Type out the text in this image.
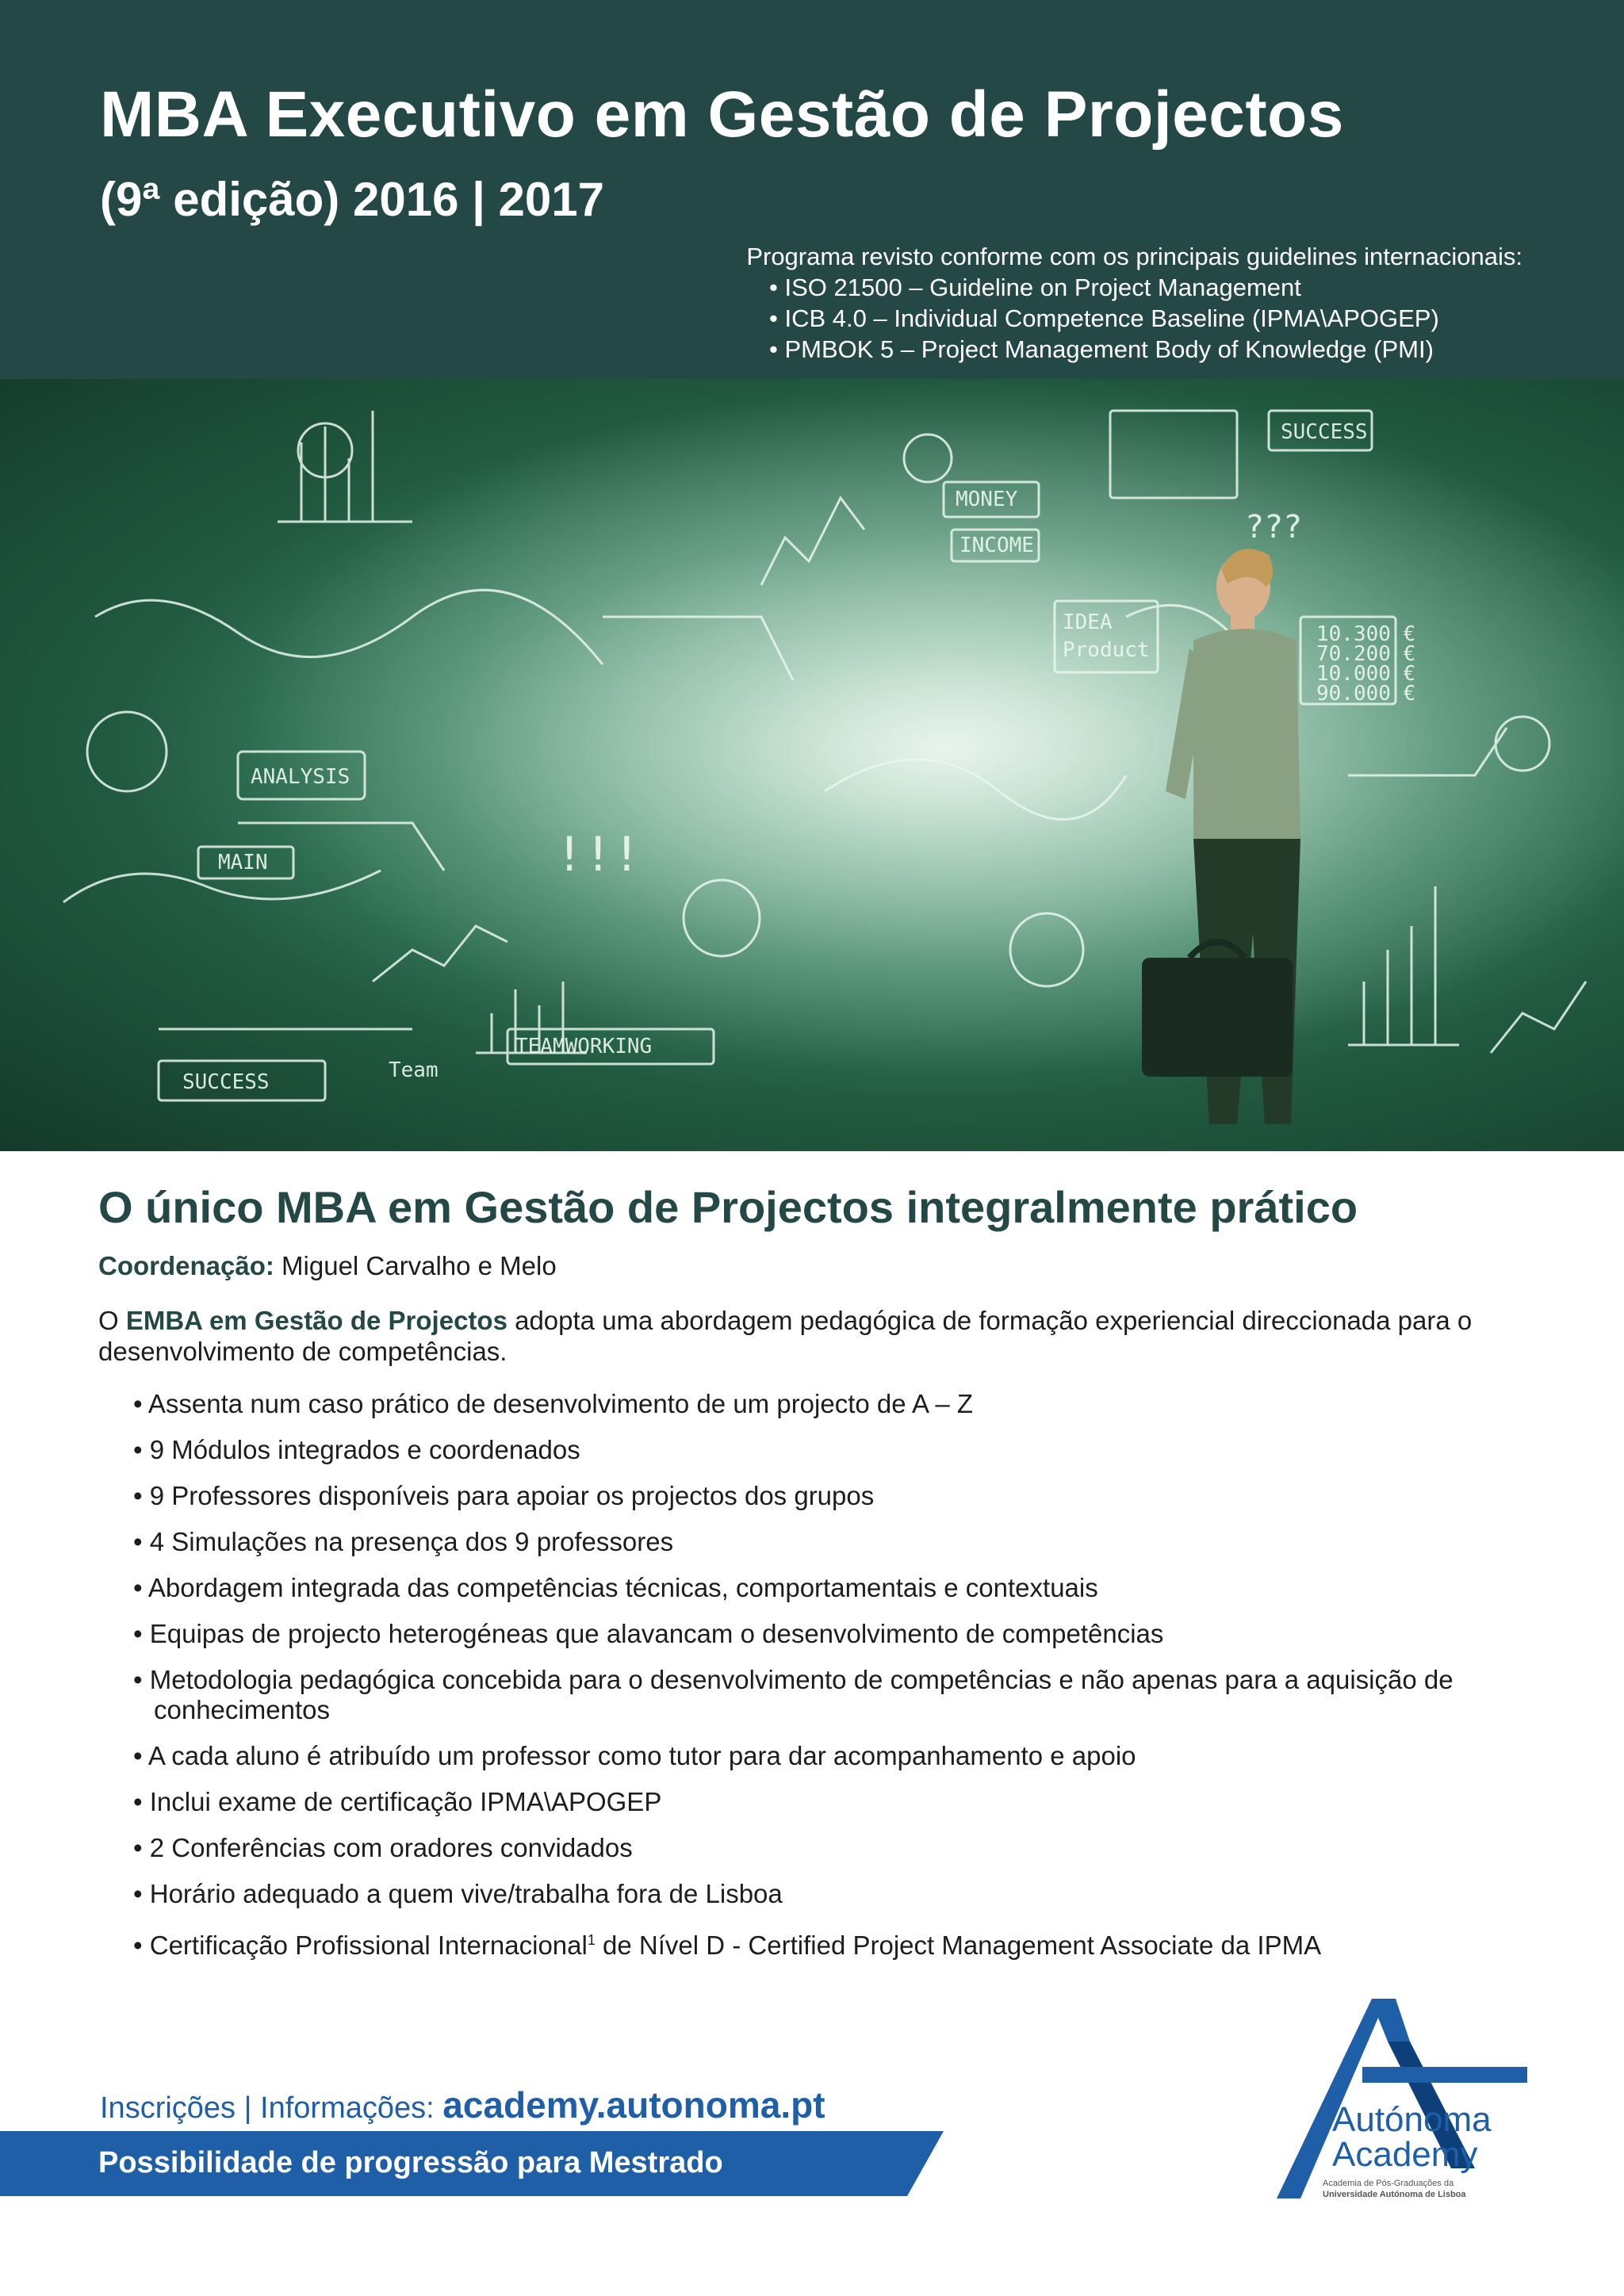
MBA Executivo em Gestão de Projectos
(9ª edição) 2016 | 2017
Programa revisto conforme com os principais guidelines internacionais:
• ISO 21500 – Guideline on Project Management
• ICB 4.0 – Individual Competence Baseline (IPMA\APOGEP)
• PMBOK 5 – Project Management Body of Knowledge (PMI)
ANALYSIS
MAIN
SUCCESS
TEAMWORKING
Team
MONEY
INCOME
IDEA
Product
SUCCESS
10.300 €
70.200 €
10.000 €
90.000 €
!!!
???
O único MBA em Gestão de Projectos integralmente prático
Coordenação: Miguel Carvalho e Melo
O EMBA em Gestão de Projectos adopta uma abordagem pedagógica de formação experiencial direccionada para o desenvolvimento de competências.
• Assenta num caso prático de desenvolvimento de um projecto de A – Z
• 9 Módulos integrados e coordenados
• 9 Professores disponíveis para apoiar os projectos dos grupos
• 4 Simulações na presença dos 9 professores
• Abordagem integrada das competências técnicas, comportamentais e contextuais
• Equipas de projecto heterogéneas que alavancam o desenvolvimento de competências
• Metodologia pedagógica concebida para o desenvolvimento de competências e não apenas para a aquisição de conhecimentos
• A cada aluno é atribuído um professor como tutor para dar acompanhamento e apoio
• Inclui exame de certificação IPMA\APOGEP
• 2 Conferências com oradores convidados
• Horário adequado a quem vive/trabalha fora de Lisboa
• Certificação Profissional Internacional$^1$ de Nível D - Certified Project Management Associate da IPMA
Inscrições | Informações: academy.autonoma.pt
Possibilidade de progressão para Mestrado
Autónoma
Academy
Academia de Pós-Graduações da
Universidade Autónoma de Lisboa
